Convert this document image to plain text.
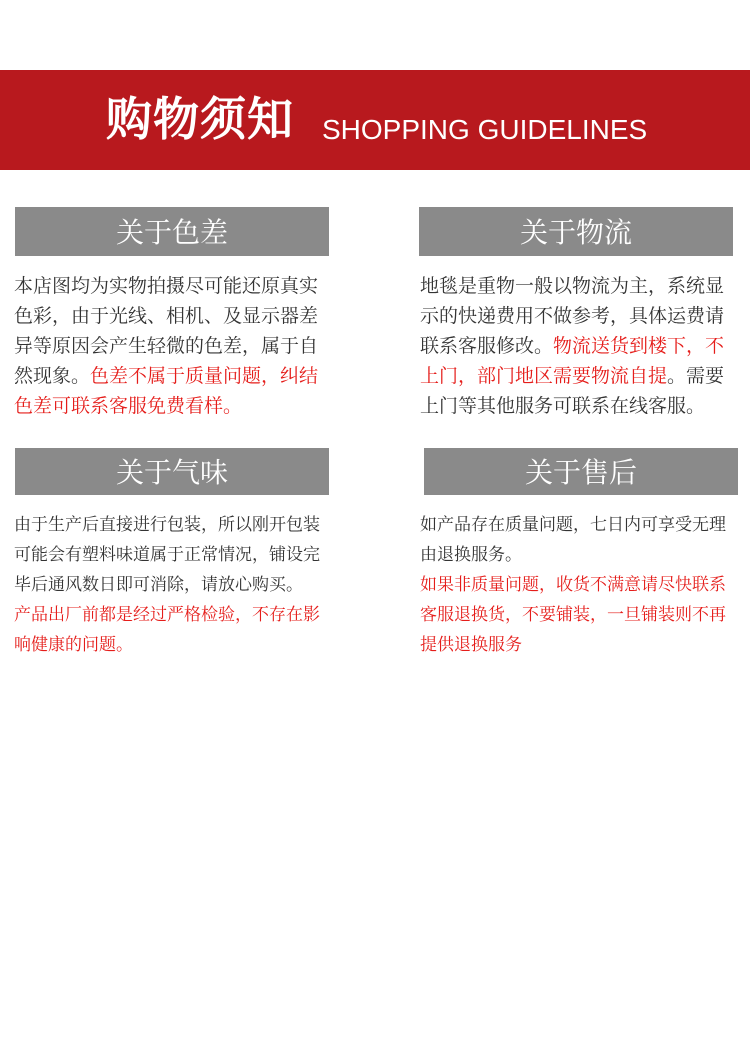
购物须知 SHOPPING GUIDELINES
关于色差
本店图均为实物拍摄尽可能还原真实
色彩，由于光线、相机、及显示器差
异等原因会产生轻微的色差，属于自
然现象。色差不属于质量问题，纠结
色差可联系客服免费看样。
关于物流
地毯是重物一般以物流为主，系统显
示的快递费用不做参考，具体运费请
联系客服修改。物流送货到楼下，不
上门，部门地区需要物流自提。需要
上门等其他服务可联系在线客服。
关于气味
由于生产后直接进行包装，所以刚开包装
可能会有塑料味道属于正常情况，铺设完
毕后通风数日即可消除，请放心购买。
产品出厂前都是经过严格检验，不存在影
响健康的问题。
关于售后
如产品存在质量问题，七日内可享受无理
由退换服务。
如果非质量问题，收货不满意请尽快联系
客服退换货，不要铺装，一旦铺装则不再
提供退换服务
